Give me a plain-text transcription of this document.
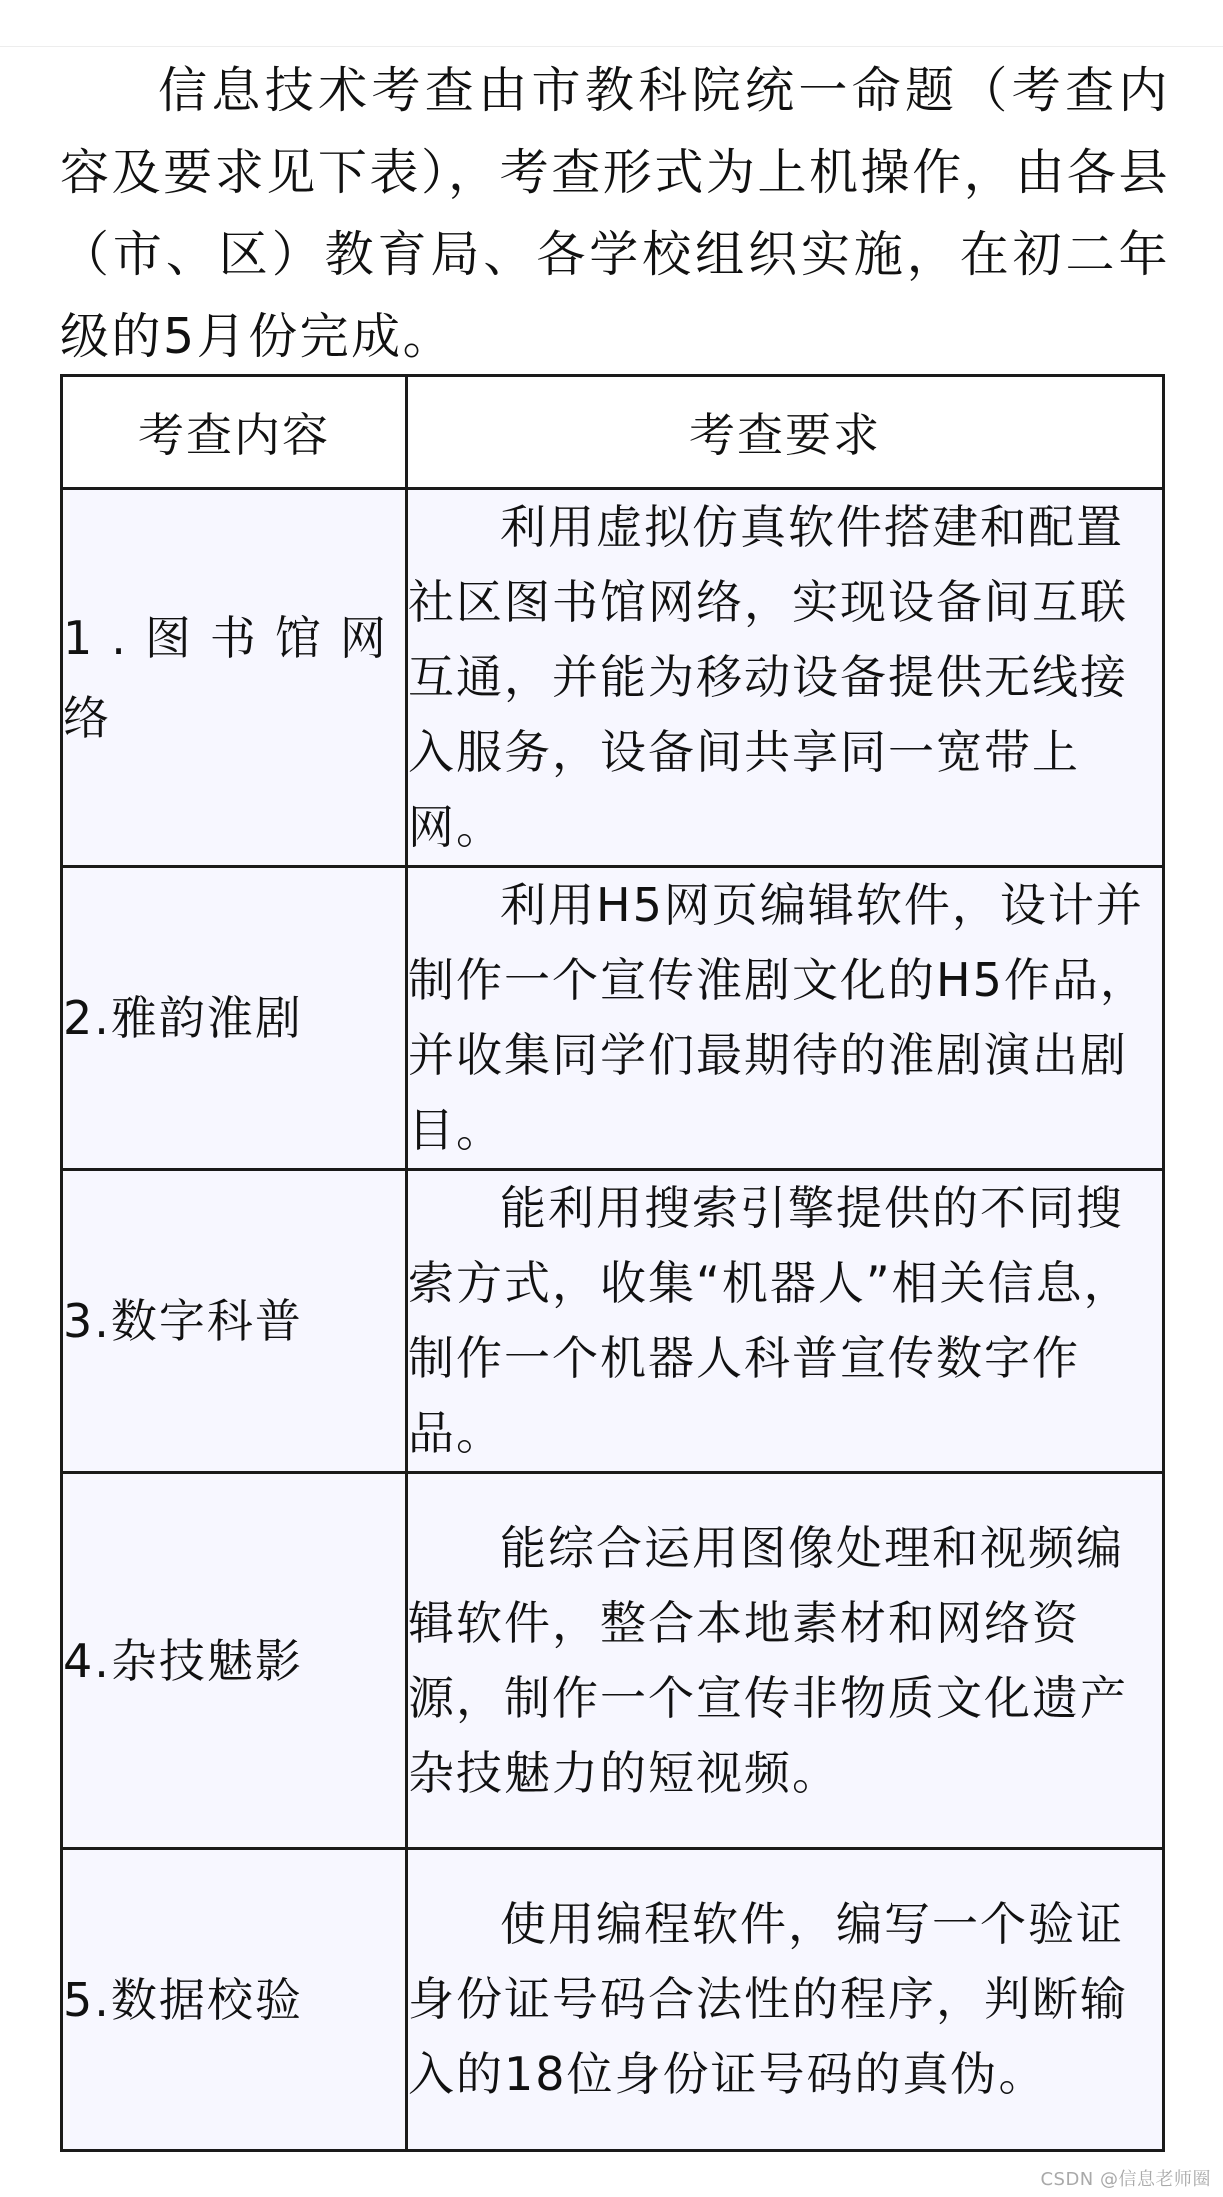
信息技术考查由市教科院统一命题（考查内容及要求见下表），考查形式为上机操作，由各县（市、区）教育局、各学校组织实施，在初二年级的5月份完成。

考查内容	考查要求
1.图书馆网络	利用虚拟仿真软件搭建和配置社区图书馆网络，实现设备间互联互通，并能为移动设备提供无线接入服务，设备间共享同一宽带上网。
2.雅韵淮剧	利用H5网页编辑软件，设计并制作一个宣传淮剧文化的H5作品，并收集同学们最期待的淮剧演出剧目。
3.数字科普	能利用搜索引擎提供的不同搜索方式，收集“机器人”相关信息，制作一个机器人科普宣传数字作品。
4.杂技魅影	能综合运用图像处理和视频编辑软件，整合本地素材和网络资源，制作一个宣传非物质文化遗产杂技魅力的短视频。
5.数据校验	使用编程软件，编写一个验证身份证号码合法性的程序，判断输入的18位身份证号码的真伪。
CSDN @信息老师圈
